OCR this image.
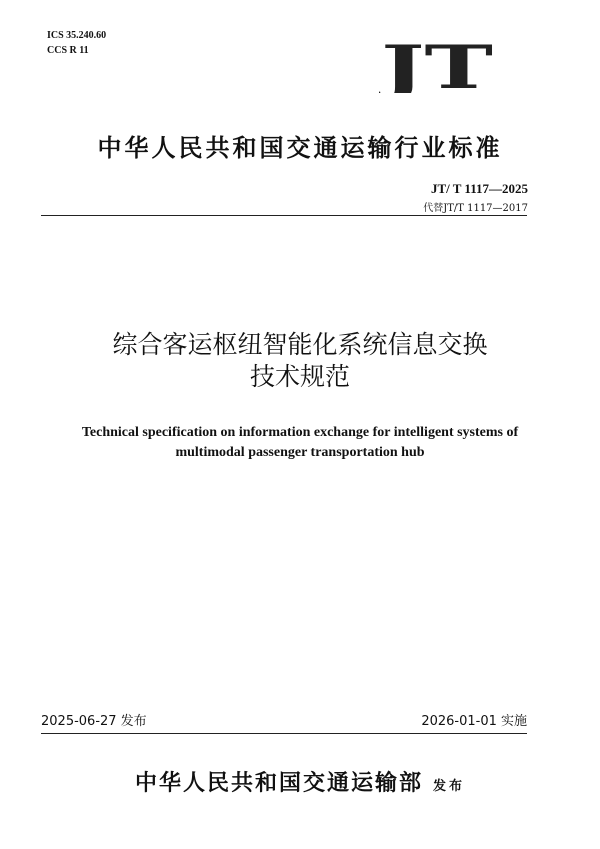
ICS 35.240.60
CCS R 11	JT
中华人民共和国交通运输行业标准
JT/ T 1117—2025
代替JT/T 1117—2017
综合客运枢纽智能化系统信息交换
技术规范
Technical specification on information exchange for intelligent systems of
multimodal passenger transportation hub
2025-06-27 发布	2026-01-01 实施
中华人民共和国交通运输部 发布
